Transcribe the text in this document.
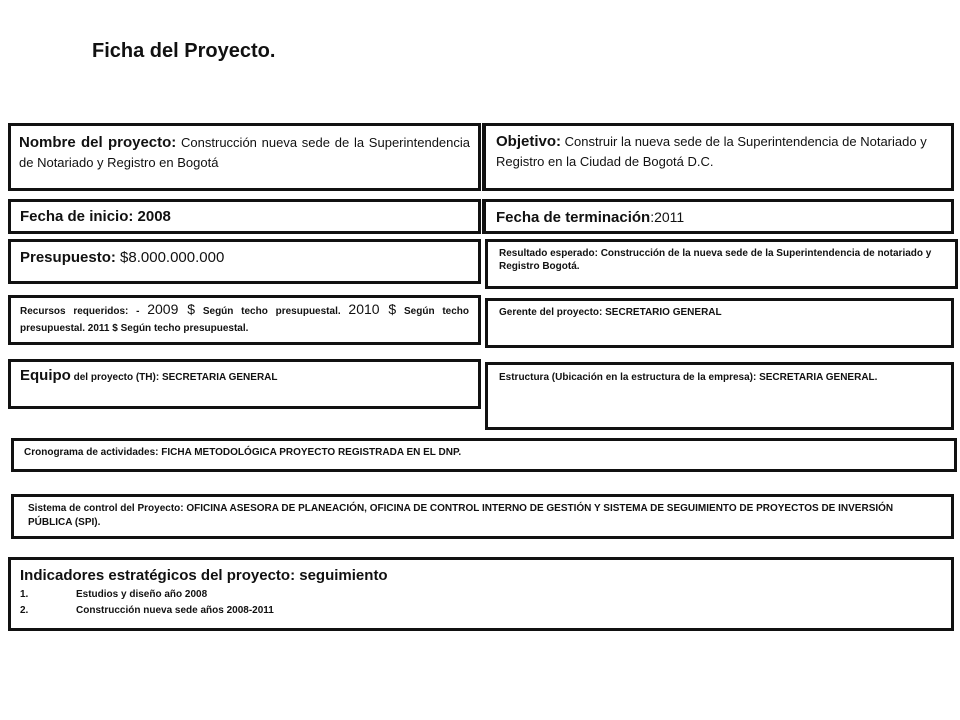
Ficha del Proyecto.
Nombre del proyecto: Construcción nueva sede de la Superintendencia de Notariado y Registro en Bogotá
Objetivo: Construir la nueva sede de la Superintendencia de Notariado y Registro en la Ciudad de Bogotá D.C.
Fecha de inicio: 2008	Fecha de terminación:2011
Presupuesto: $8.000.000.000	Resultado esperado: Construcción de la nueva sede de la Superintendencia de notariado y Registro Bogotá.
Recursos requeridos: - 2009 $ Según techo presupuestal. 2010 $ Según techo presupuestal. 2011 $ Según techo presupuestal.
Gerente del proyecto: SECRETARIO GENERAL
Equipo del proyecto (TH): SECRETARIA GENERAL	Estructura (Ubicación en la estructura de la empresa): SECRETARIA GENERAL.
Cronograma de actividades: FICHA METODOLÓGICA PROYECTO REGISTRADA EN EL DNP.
Sistema de control del Proyecto: OFICINA ASESORA DE PLANEACIÓN, OFICINA DE CONTROL INTERNO DE GESTIÓN Y SISTEMA DE SEGUIMIENTO DE PROYECTOS DE INVERSIÓN PÚBLICA (SPI).
Indicadores estratégicos del proyecto: seguimiento
1.	Estudios y diseño año 2008
2.	Construcción nueva sede años 2008-2011
